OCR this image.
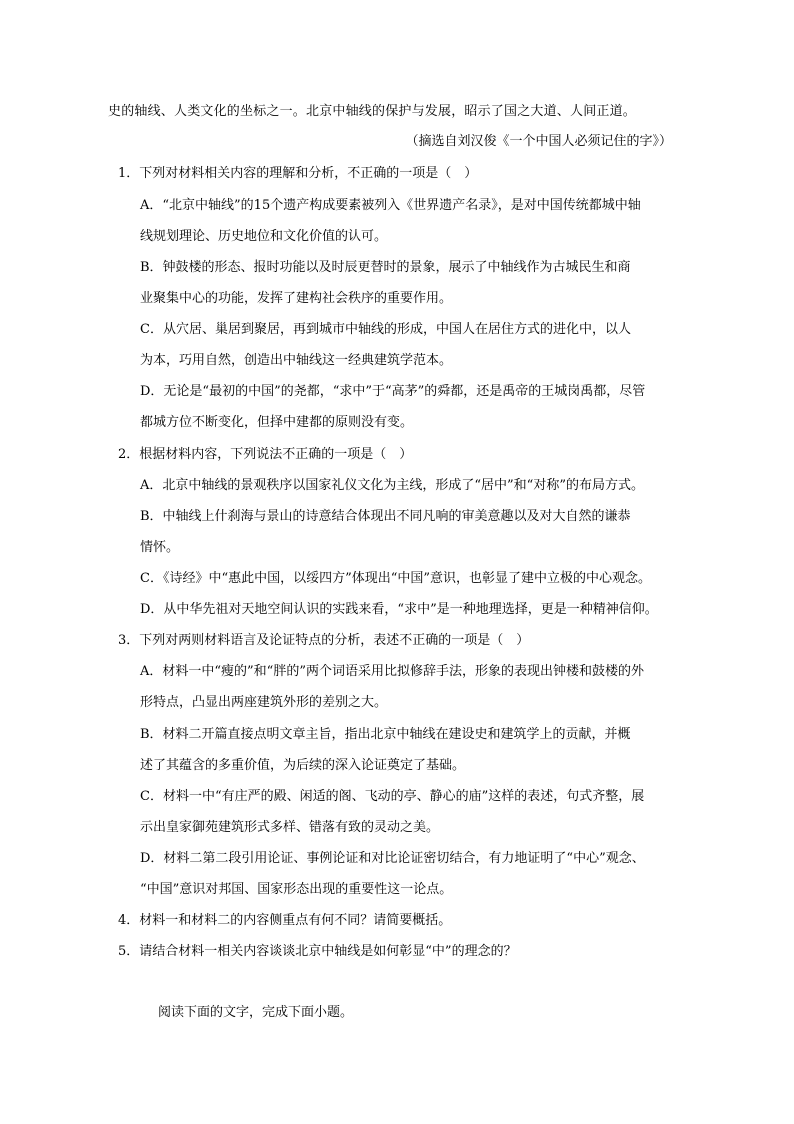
史的轴线、人类文化的坐标之一。北京中轴线的保护与发展，昭示了国之大道、人间正道。
（摘选自刘汉俊《一个中国人必须记住的字》）
1．下列对材料相关内容的理解和分析，不正确的一项是（　）
A．“北京中轴线”的15个遗产构成要素被列入《世界遗产名录》，是对中国传统都城中轴
线规划理论、历史地位和文化价值的认可。
B．钟鼓楼的形态、报时功能以及时辰更替时的景象，展示了中轴线作为古城民生和商
业聚集中心的功能，发挥了建构社会秩序的重要作用。
C．从穴居、巢居到聚居，再到城市中轴线的形成，中国人在居住方式的进化中，以人
为本，巧用自然，创造出中轴线这一经典建筑学范本。
D．无论是“最初的中国”的尧都，“求中”于“高茅”的舜都，还是禹帝的王城岗禹都，尽管
都城方位不断变化，但择中建都的原则没有变。
2．根据材料内容，下列说法不正确的一项是（　）
A．北京中轴线的景观秩序以国家礼仪文化为主线，形成了“居中”和“对称”的布局方式。
B．中轴线上什刹海与景山的诗意结合体现出不同凡响的审美意趣以及对大自然的谦恭
情怀。
C．《诗经》中“惠此中国，以绥四方”体现出“中国”意识，也彰显了建中立极的中心观念。
D．从中华先祖对天地空间认识的实践来看，“求中”是一种地理选择，更是一种精神信仰。
3．下列对两则材料语言及论证特点的分析，表述不正确的一项是（　）
A．材料一中“瘦的”和“胖的”两个词语采用比拟修辞手法，形象的表现出钟楼和鼓楼的外
形特点，凸显出两座建筑外形的差别之大。
B．材料二开篇直接点明文章主旨，指出北京中轴线在建设史和建筑学上的贡献，并概
述了其蕴含的多重价值，为后续的深入论证奠定了基础。
C．材料一中“有庄严的殿、闲适的阁、飞动的亭、静心的庙”这样的表述，句式齐整，展
示出皇家御苑建筑形式多样、错落有致的灵动之美。
D．材料二第二段引用论证、事例论证和对比论证密切结合，有力地证明了“中心”观念、
“中国”意识对邦国、国家形态出现的重要性这一论点。
4．材料一和材料二的内容侧重点有何不同？请简要概括。
5．请结合材料一相关内容谈谈北京中轴线是如何彰显“中”的理念的？
阅读下面的文字，完成下面小题。
